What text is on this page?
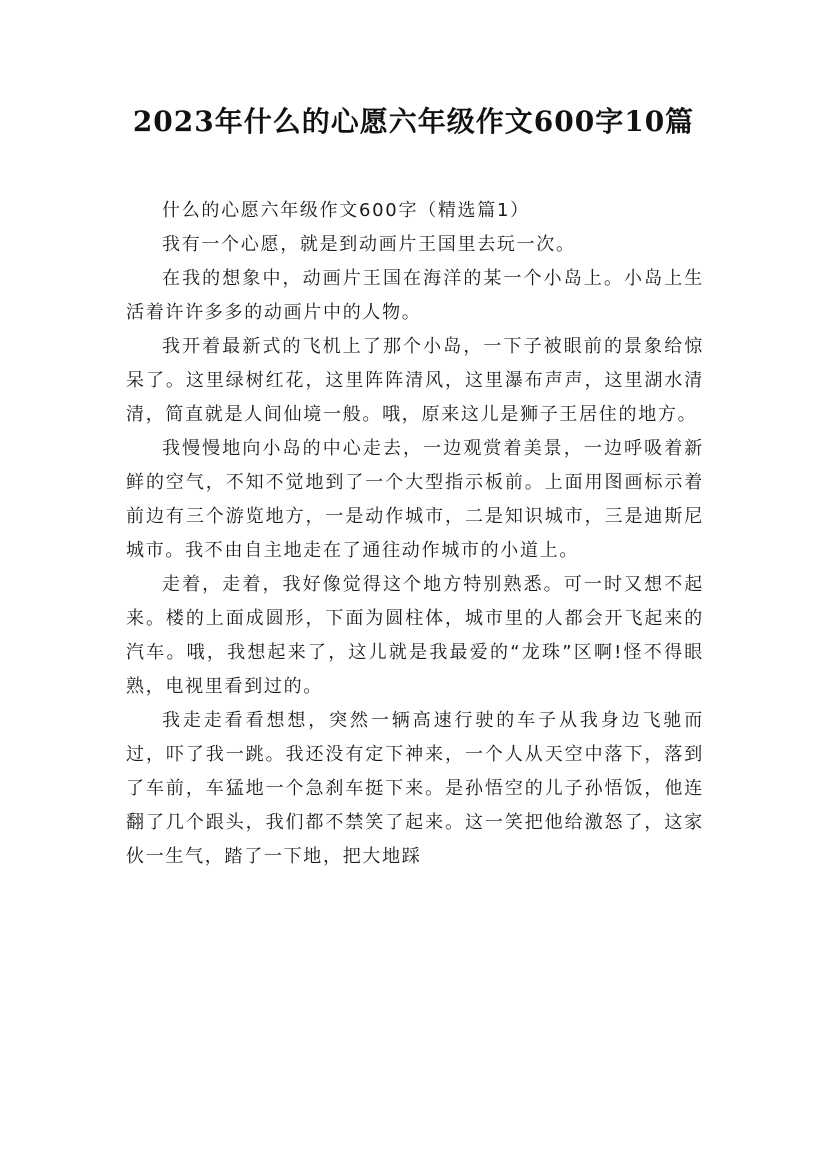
2023年什么的心愿六年级作文600字10篇

什么的心愿六年级作文600字（精选篇1）

我有一个心愿，就是到动画片王国里去玩一次。

在我的想象中，动画片王国在海洋的某一个小岛上。小岛上生活着许许多多的动画片中的人物。

我开着最新式的飞机上了那个小岛，一下子被眼前的景象给惊呆了。这里绿树红花，这里阵阵清风，这里瀑布声声，这里湖水清清，简直就是人间仙境一般。哦，原来这儿是狮子王居住的地方。

我慢慢地向小岛的中心走去，一边观赏着美景，一边呼吸着新鲜的空气，不知不觉地到了一个大型指示板前。上面用图画标示着前边有三个游览地方，一是动作城市，二是知识城市，三是迪斯尼城市。我不由自主地走在了通往动作城市的小道上。

走着，走着，我好像觉得这个地方特别熟悉。可一时又想不起来。楼的上面成圆形，下面为圆柱体，城市里的人都会开飞起来的汽车。哦，我想起来了，这儿就是我最爱的“龙珠”区啊!怪不得眼熟，电视里看到过的。

我走走看看想想，突然一辆高速行驶的车子从我身边飞驰而过，吓了我一跳。我还没有定下神来，一个人从天空中落下，落到了车前，车猛地一个急刹车挺下来。是孙悟空的儿子孙悟饭，他连翻了几个跟头，我们都不禁笑了起来。这一笑把他给激怒了，这家伙一生气，踏了一下地，把大地踩
